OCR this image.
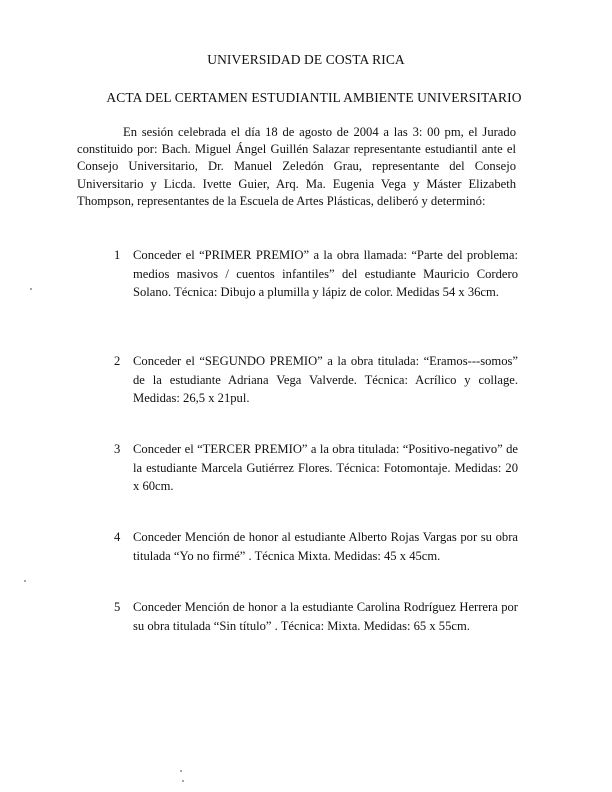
UNIVERSIDAD DE COSTA RICA
ACTA DEL CERTAMEN ESTUDIANTIL AMBIENTE UNIVERSITARIO
En sesión celebrada el día 18 de agosto de 2004 a las 3: 00 pm, el Jurado constituido por: Bach. Miguel Ángel Guillén Salazar representante estudiantil ante el Consejo Universitario, Dr. Manuel Zeledón Grau, representante del Consejo Universitario y Licda. Ivette Guier, Arq. Ma. Eugenia Vega y Máster Elizabeth Thompson, representantes de la Escuela de Artes Plásticas, deliberó y determinó:
1	Conceder el “PRIMER PREMIO” a la obra llamada: “Parte del problema: medios masivos / cuentos infantiles” del estudiante Mauricio Cordero Solano. Técnica: Dibujo a plumilla y lápiz de color. Medidas 54 x 36cm.
2	Conceder el “SEGUNDO PREMIO” a la obra titulada: “Eramos---somos” de la estudiante Adriana Vega Valverde. Técnica: Acrílico y collage. Medidas: 26,5 x 21pul.
3	Conceder el “TERCER PREMIO” a la obra titulada: “Positivo-negativo” de la estudiante Marcela Gutiérrez Flores. Técnica: Fotomontaje. Medidas: 20 x 60cm.
4	Conceder Mención de honor al estudiante Alberto Rojas Vargas por su obra titulada “Yo no firmé” . Técnica Mixta. Medidas: 45 x 45cm.
5	Conceder Mención de honor a la estudiante Carolina Rodríguez Herrera por su obra titulada “Sin título” . Técnica: Mixta. Medidas: 65 x 55cm.
